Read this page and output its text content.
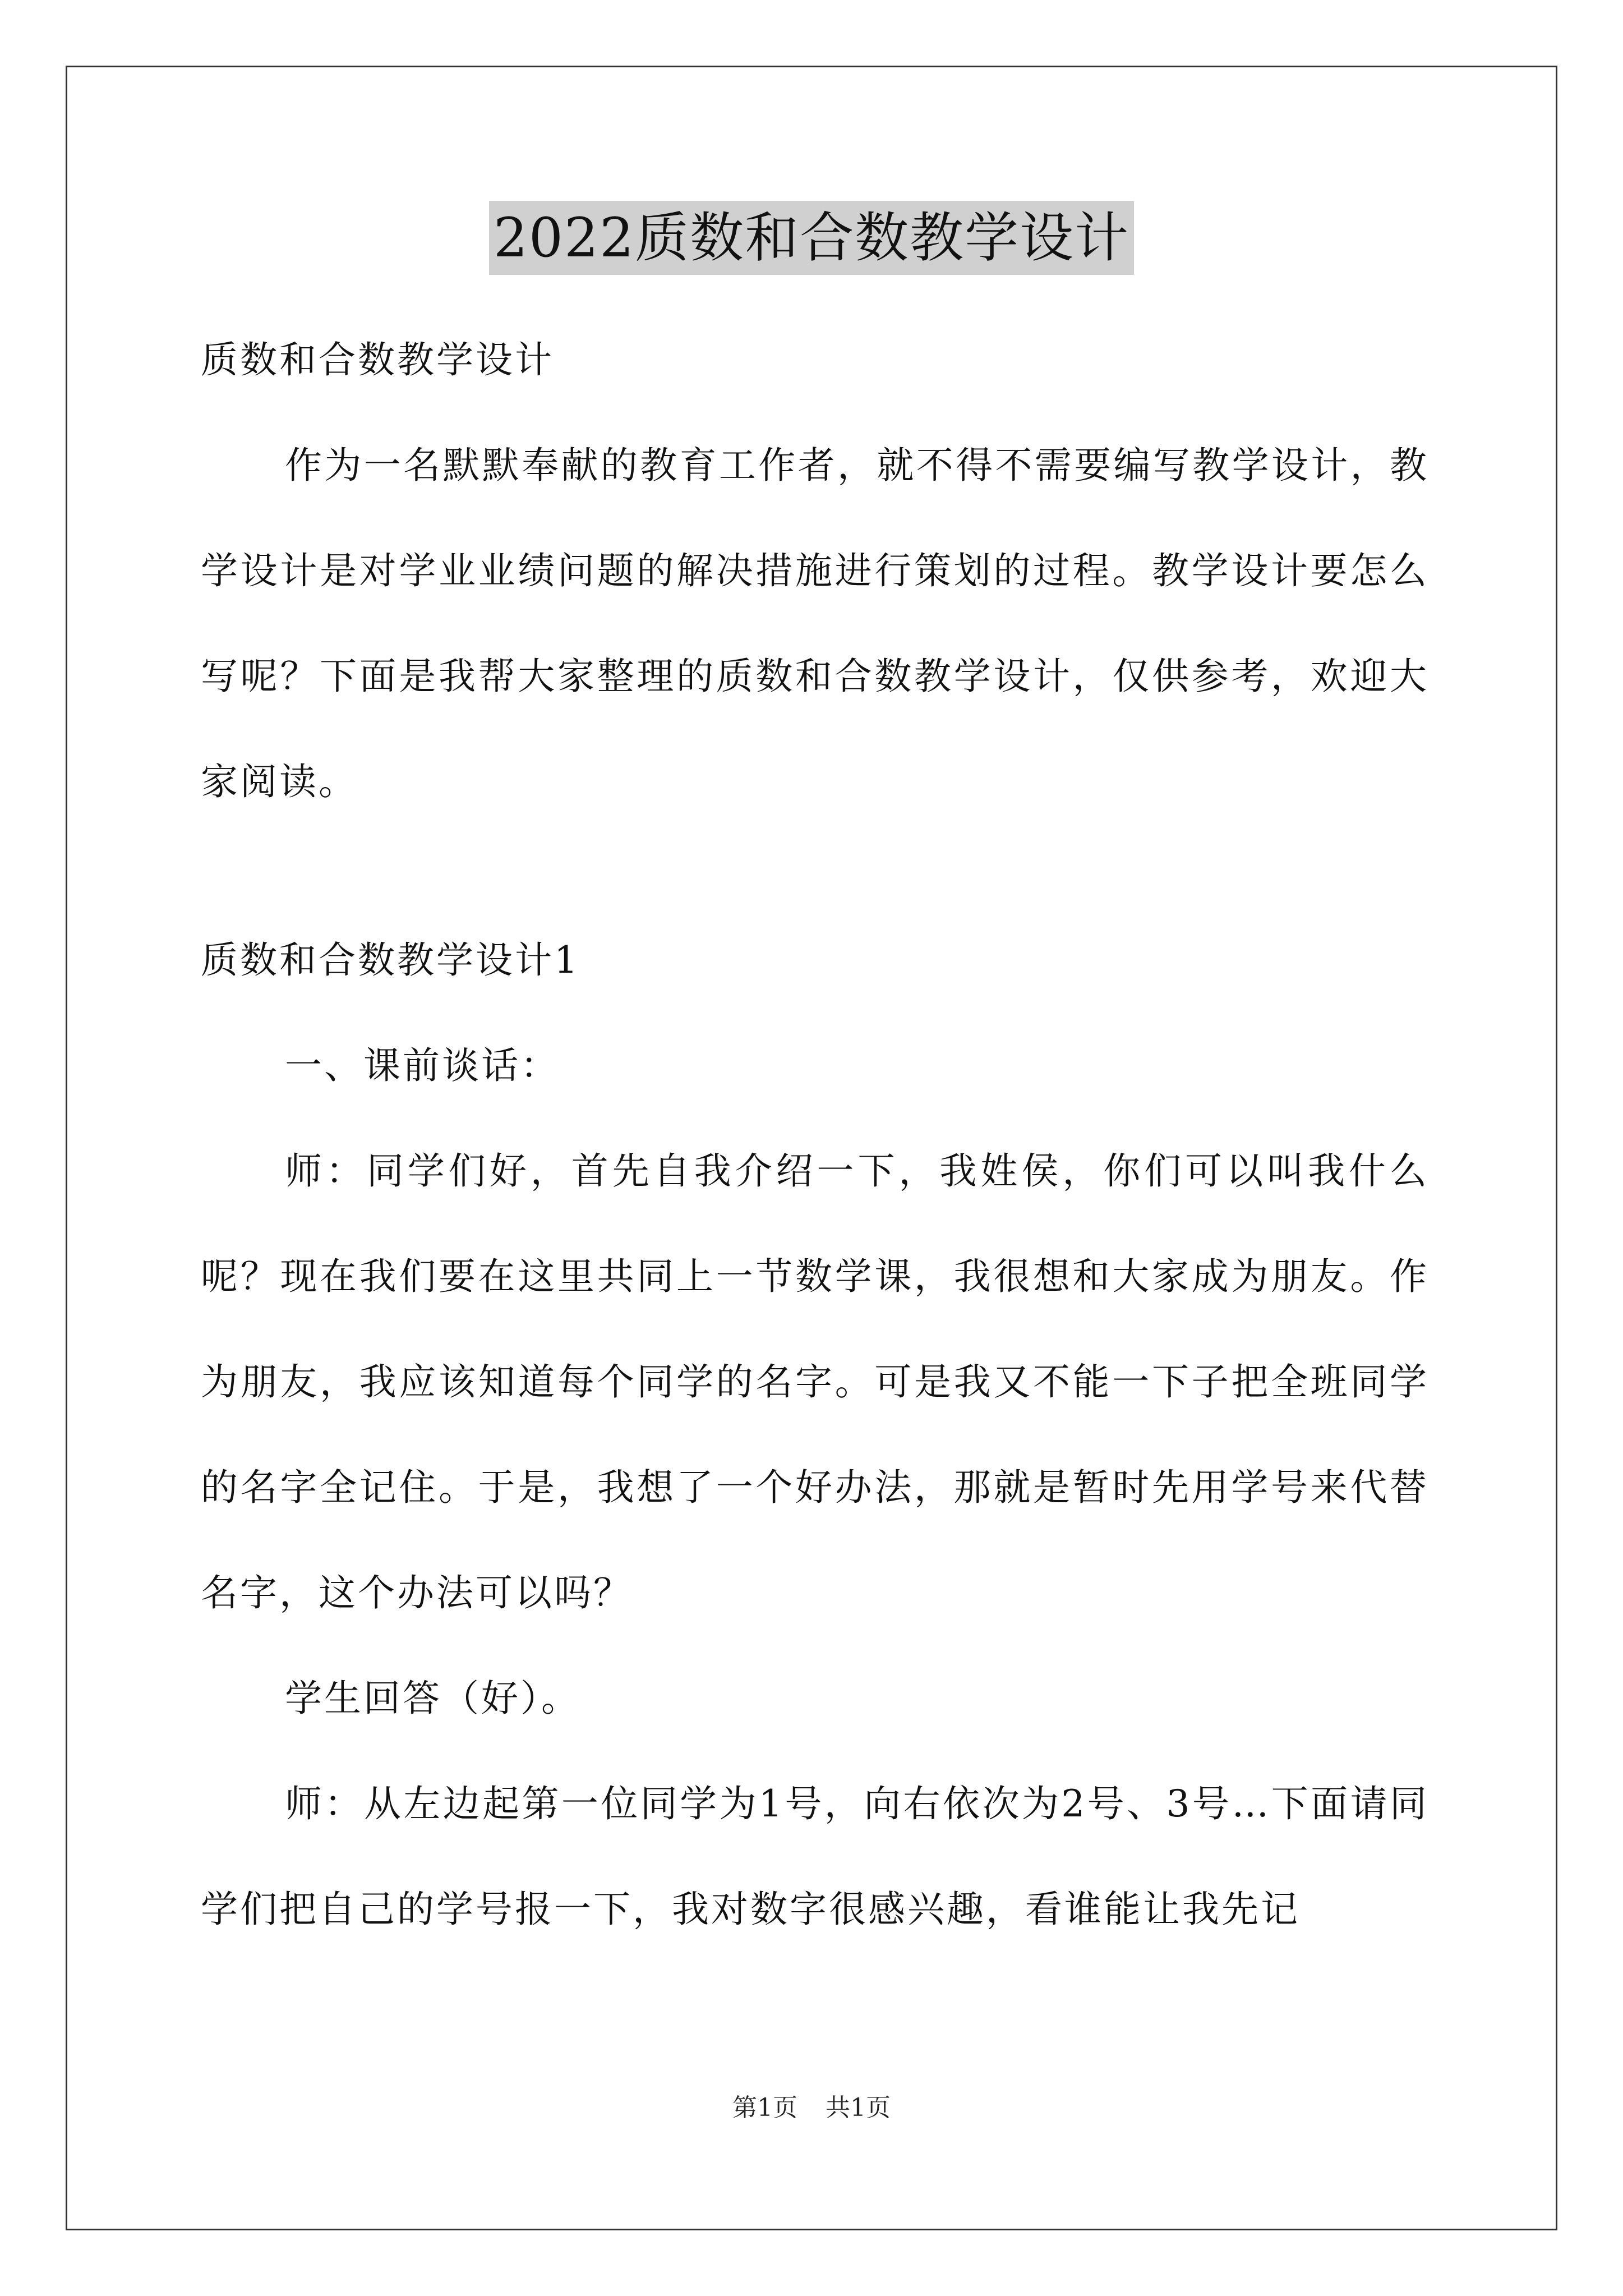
2022质数和合数教学设计

质数和合数教学设计

作为一名默默奉献的教育工作者，就不得不需要编写教学设计，教学设计是对学业业绩问题的解决措施进行策划的过程。教学设计要怎么写呢？下面是我帮大家整理的质数和合数教学设计，仅供参考，欢迎大家阅读。

质数和合数教学设计1

一、课前谈话：

师：同学们好，首先自我介绍一下，我姓侯，你们可以叫我什么呢？现在我们要在这里共同上一节数学课，我很想和大家成为朋友。作为朋友，我应该知道每个同学的名字。可是我又不能一下子把全班同学的名字全记住。于是，我想了一个好办法，那就是暂时先用学号来代替名字，这个办法可以吗？

学生回答（好）。

师：从左边起第一位同学为1号，向右依次为2号、3号…下面请同学们把自己的学号报一下，我对数字很感兴趣，看谁能让我先记

第1页 共1页
